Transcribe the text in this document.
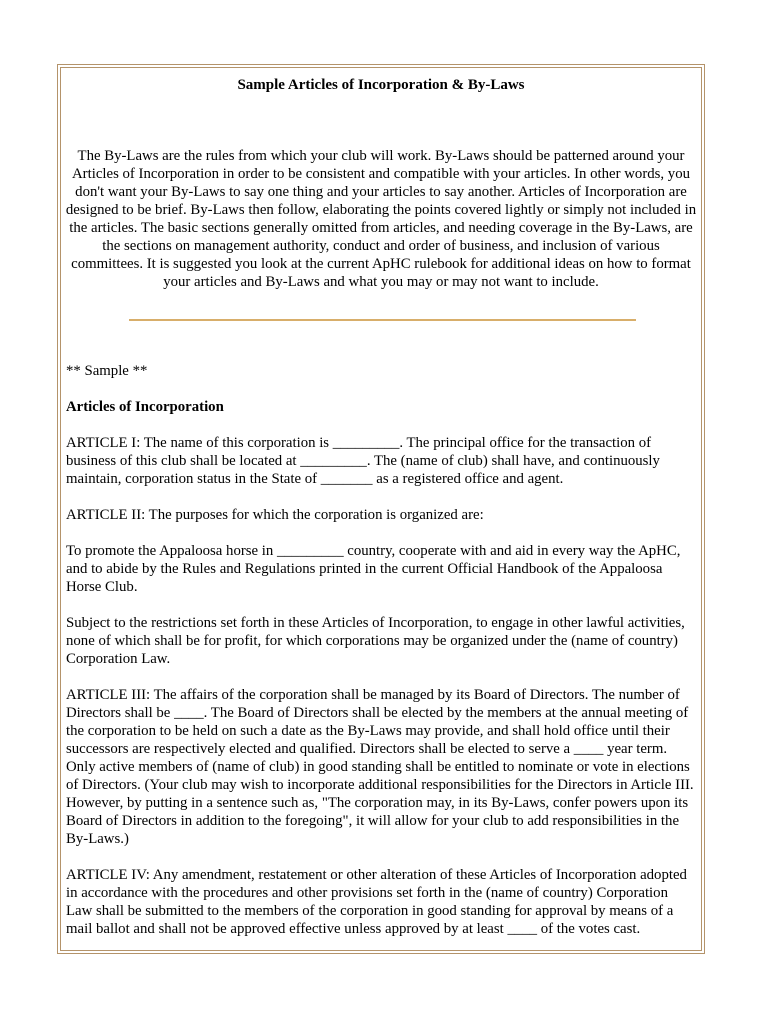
Sample Articles of Incorporation & By-Laws

The By-Laws are the rules from which your club will work. By-Laws should be patterned around your Articles of Incorporation in order to be consistent and compatible with your articles. In other words, you don't want your By-Laws to say one thing and your articles to say another. Articles of Incorporation are designed to be brief. By-Laws then follow, elaborating the points covered lightly or simply not included in the articles. The basic sections generally omitted from articles, and needing coverage in the By-Laws, are the sections on management authority, conduct and order of business, and inclusion of various committees. It is suggested you look at the current ApHC rulebook for additional ideas on how to format your articles and By-Laws and what you may or may not want to include.

** Sample **

Articles of Incorporation

ARTICLE I: The name of this corporation is _________. The principal office for the transaction of business of this club shall be located at _________. The (name of club) shall have, and continuously maintain, corporation status in the State of _______ as a registered office and agent.

ARTICLE II: The purposes for which the corporation is organized are:

To promote the Appaloosa horse in _________ country, cooperate with and aid in every way the ApHC, and to abide by the Rules and Regulations printed in the current Official Handbook of the Appaloosa Horse Club.

Subject to the restrictions set forth in these Articles of Incorporation, to engage in other lawful activities, none of which shall be for profit, for which corporations may be organized under the (name of country) Corporation Law.

ARTICLE III: The affairs of the corporation shall be managed by its Board of Directors. The number of Directors shall be ____. The Board of Directors shall be elected by the members at the annual meeting of the corporation to be held on such a date as the By-Laws may provide, and shall hold office until their successors are respectively elected and qualified. Directors shall be elected to serve a ____ year term. Only active members of (name of club) in good standing shall be entitled to nominate or vote in elections of Directors. (Your club may wish to incorporate additional responsibilities for the Directors in Article III. However, by putting in a sentence such as, "The corporation may, in its By-Laws, confer powers upon its Board of Directors in addition to the foregoing", it will allow for your club to add responsibilities in the By-Laws.)

ARTICLE IV: Any amendment, restatement or other alteration of these Articles of Incorporation adopted in accordance with the procedures and other provisions set forth in the (name of country) Corporation Law shall be submitted to the members of the corporation in good standing for approval by means of a mail ballot and shall not be approved effective unless approved by at least ____ of the votes cast.
